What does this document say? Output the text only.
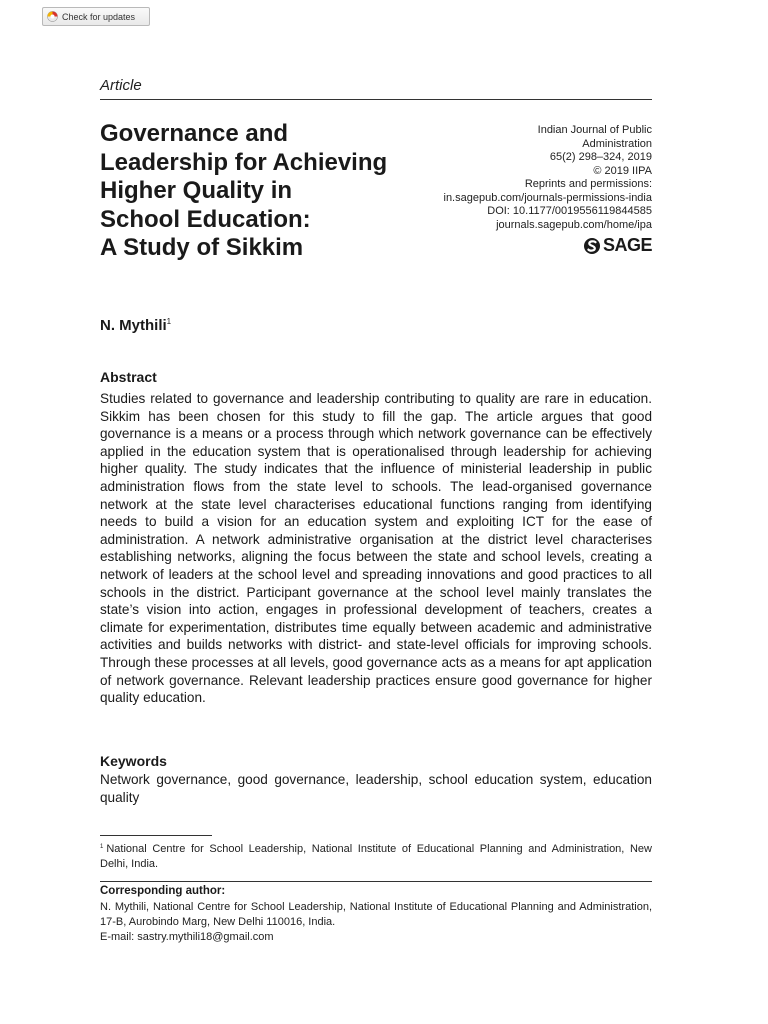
Check for updates
Article
Governance and
Leadership for Achieving
Higher Quality in
School Education:
A Study of Sikkim
Indian Journal of Public
Administration
65(2) 298–324, 2019
© 2019 IIPA
Reprints and permissions:
in.sagepub.com/journals-permissions-india
DOI: 10.1177/0019556119844585
journals.sagepub.com/home/ipa
SAGE
N. Mythili$^1$
Abstract

Studies related to governance and leadership contributing to quality are rare in education. Sikkim has been chosen for this study to fill the gap. The article argues that good governance is a means or a process through which network governance can be effectively applied in the education system that is operationalised through leadership for achieving higher quality. The study indicates that the influence of ministerial leadership in public administration flows from the state level to schools. The lead-organised governance network at the state level characterises educational functions ranging from identifying needs to build a vision for an education system and exploiting ICT for the ease of administration. A network administrative organisation at the district level characterises establishing networks, aligning the focus between the state and school levels, creating a network of leaders at the school level and spreading innovations and good practices to all schools in the district. Participant governance at the school level mainly translates the state’s vision into action, engages in professional development of teachers, creates a climate for experimentation, distributes time equally between academic and administrative activities and builds networks with district- and state-level officials for improving schools. Through these processes at all levels, good governance acts as a means for apt application of network governance. Relevant leadership practices ensure good governance for higher quality education.

Keywords

Network governance, good governance, leadership, school education system, education quality

$^1$ National Centre for School Leadership, National Institute of Educational Planning and Administration, New Delhi, India.
Corresponding author:
N. Mythili, National Centre for School Leadership, National Institute of Educational Planning and Administration, 17-B, Aurobindo Marg, New Delhi 110016, India.
E-mail: sastry.mythili18@gmail.com
